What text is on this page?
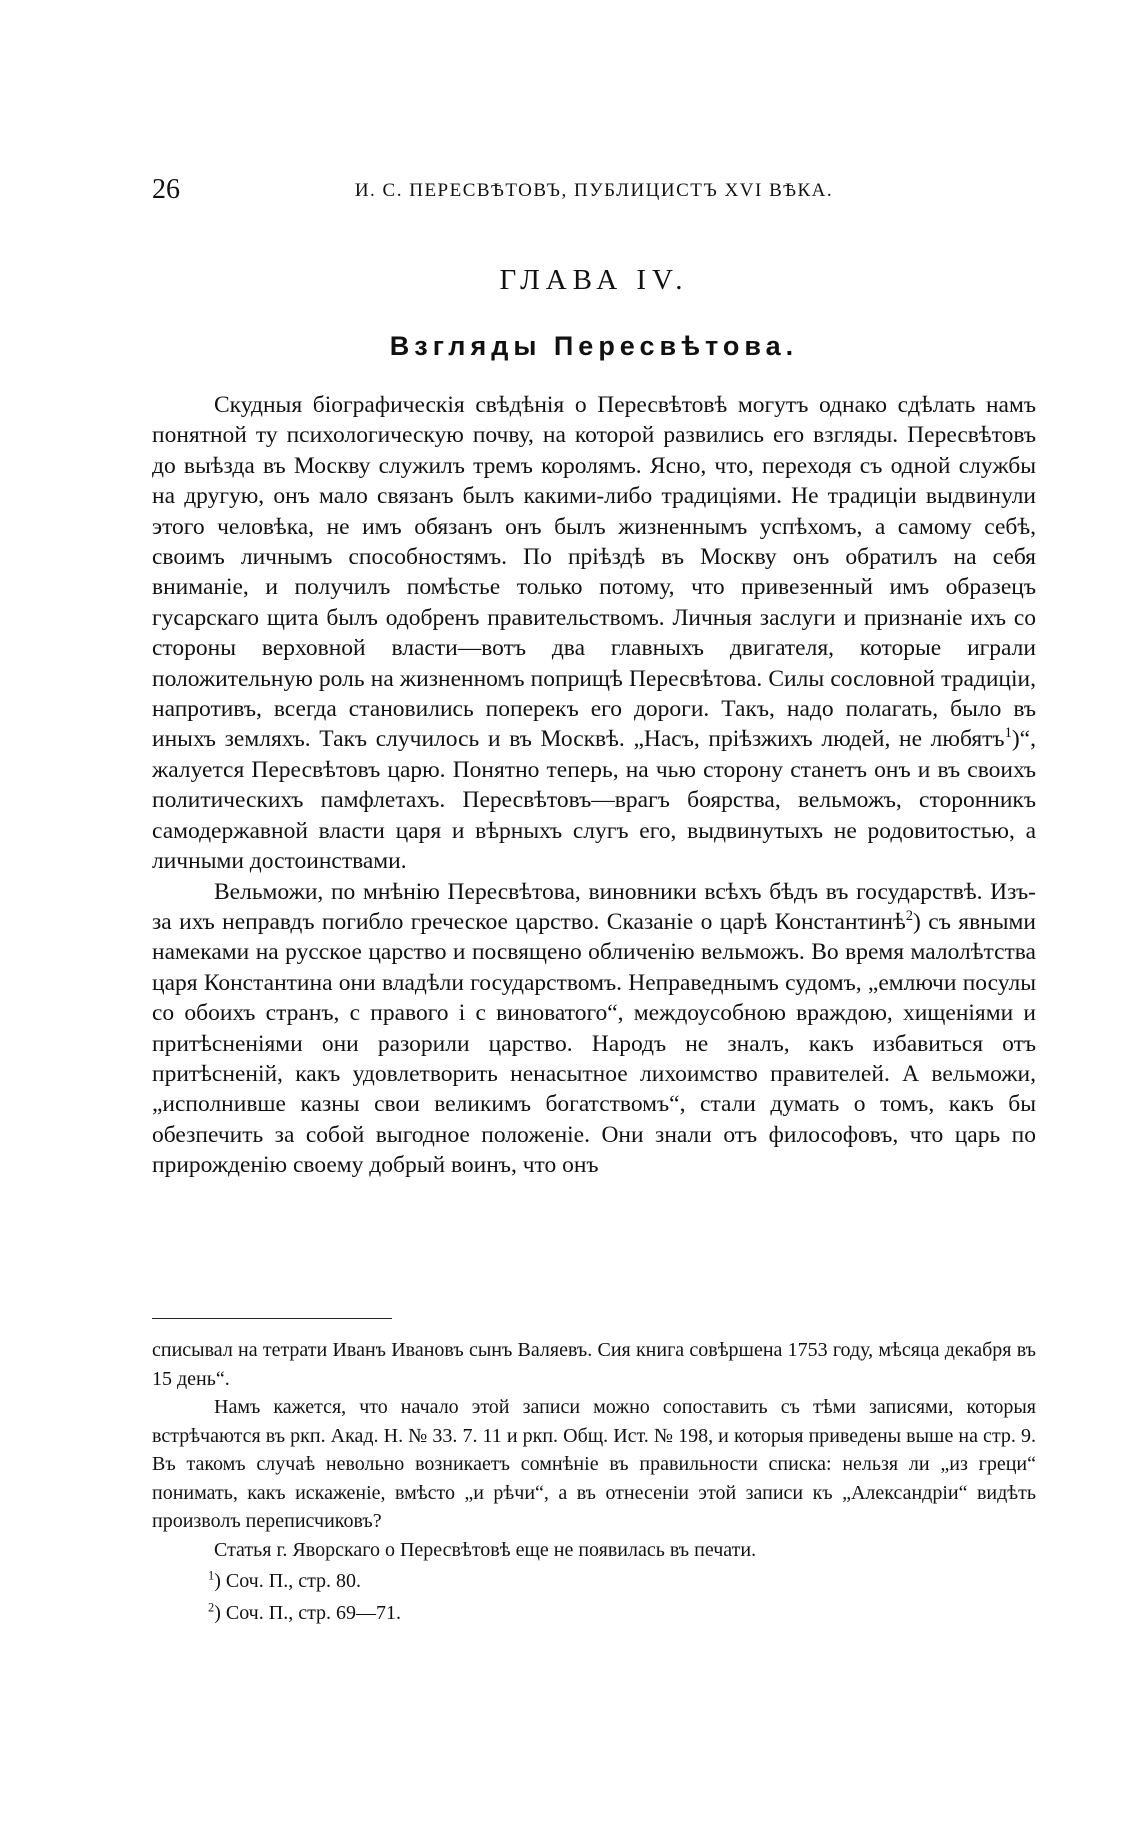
26	И. С. ПЕРЕСВѢТОВЪ, ПУБЛИЦИСТЪ XVI ВѢКА.
ГЛАВА IV.
Взгляды Пересвѣтова.

Скудныя біографическія свѣдѣнія о Пересвѣтовѣ могутъ однако сдѣлать намъ понятной ту психологическую почву, на которой развились его взгляды. Пересвѣтовъ до выѣзда въ Москву служилъ тремъ королямъ. Ясно, что, переходя съ одной службы на другую, онъ мало связанъ былъ какими-либо традиціями. Не традиціи выдвинули этого человѣка, не имъ обязанъ онъ былъ жизненнымъ успѣхомъ, а самому себѣ, своимъ личнымъ способностямъ. По пріѣздѣ въ Москву онъ обратилъ на себя вниманіе, и получилъ помѣстье только потому, что привезенный имъ образецъ гусарскаго щита былъ одобренъ правительствомъ. Личныя заслуги и признаніе ихъ со стороны верховной власти—вотъ два главныхъ двигателя, которые играли положительную роль на жизненномъ поприщѣ Пересвѣтова. Силы сословной традиціи, напротивъ, всегда становились поперекъ его дороги. Такъ, надо полагать, было въ иныхъ земляхъ. Такъ случилось и въ Москвѣ. „Насъ, пріѣзжихъ людей, не любятъ$^1$)“, жалуется Пересвѣтовъ царю. Понятно теперь, на чью сторону станетъ онъ и въ своихъ политическихъ памфлетахъ. Пересвѣтовъ—врагъ боярства, вельможъ, сторонникъ самодержавной власти царя и вѣрныхъ слугъ его, выдвинутыхъ не родовитостью, а личными достоинствами.

Вельможи, по мнѣнію Пересвѣтова, виновники всѣхъ бѣдъ въ государствѣ. Изъ-за ихъ неправдъ погибло греческое царство. Сказаніе о царѣ Константинѣ$^2$) съ явными намеками на русское царство и посвящено обличенію вельможъ. Во время малолѣтства царя Константина они владѣли государствомъ. Неправеднымъ судомъ, „емлючи посулы со обоихъ странъ, с правого і с виноватого“, междоусобною враждою, хищеніями и притѣсненіями они разорили царство. Народъ не зналъ, какъ избавиться отъ притѣсненій, какъ удовлетворить ненасытное лихоимство правителей. А вельможи, „исполнивше казны свои великимъ богатствомъ“, стали думать о томъ, какъ бы обезпечить за собой выгодное положеніе. Они знали отъ философовъ, что царь по прирожденію своему добрый воинъ, что онъ

списывал на тетрати Иванъ Ивановъ сынъ Валяевъ. Сия книга совѣршена 1753 году, мѣсяца декабря въ 15 день“.

Намъ кажется, что начало этой записи можно сопоставить съ тѣми записями, которыя встрѣчаются въ ркп. Акад. Н. № 33. 7. 11 и ркп. Общ. Ист. № 198, и которыя приведены выше на стр. 9. Въ такомъ случаѣ невольно возникаетъ сомнѣніе въ правильности списка: нельзя ли „из греци“ понимать, какъ искаженіе, вмѣсто „и рѣчи“, а въ отнесеніи этой записи къ „Александріи“ видѣть произволъ переписчиковъ?

Статья г. Яворскаго о Пересвѣтовѣ еще не появилась въ печати.

$^1$) Соч. П., стр. 80.

$^2$) Соч. П., стр. 69—71.
